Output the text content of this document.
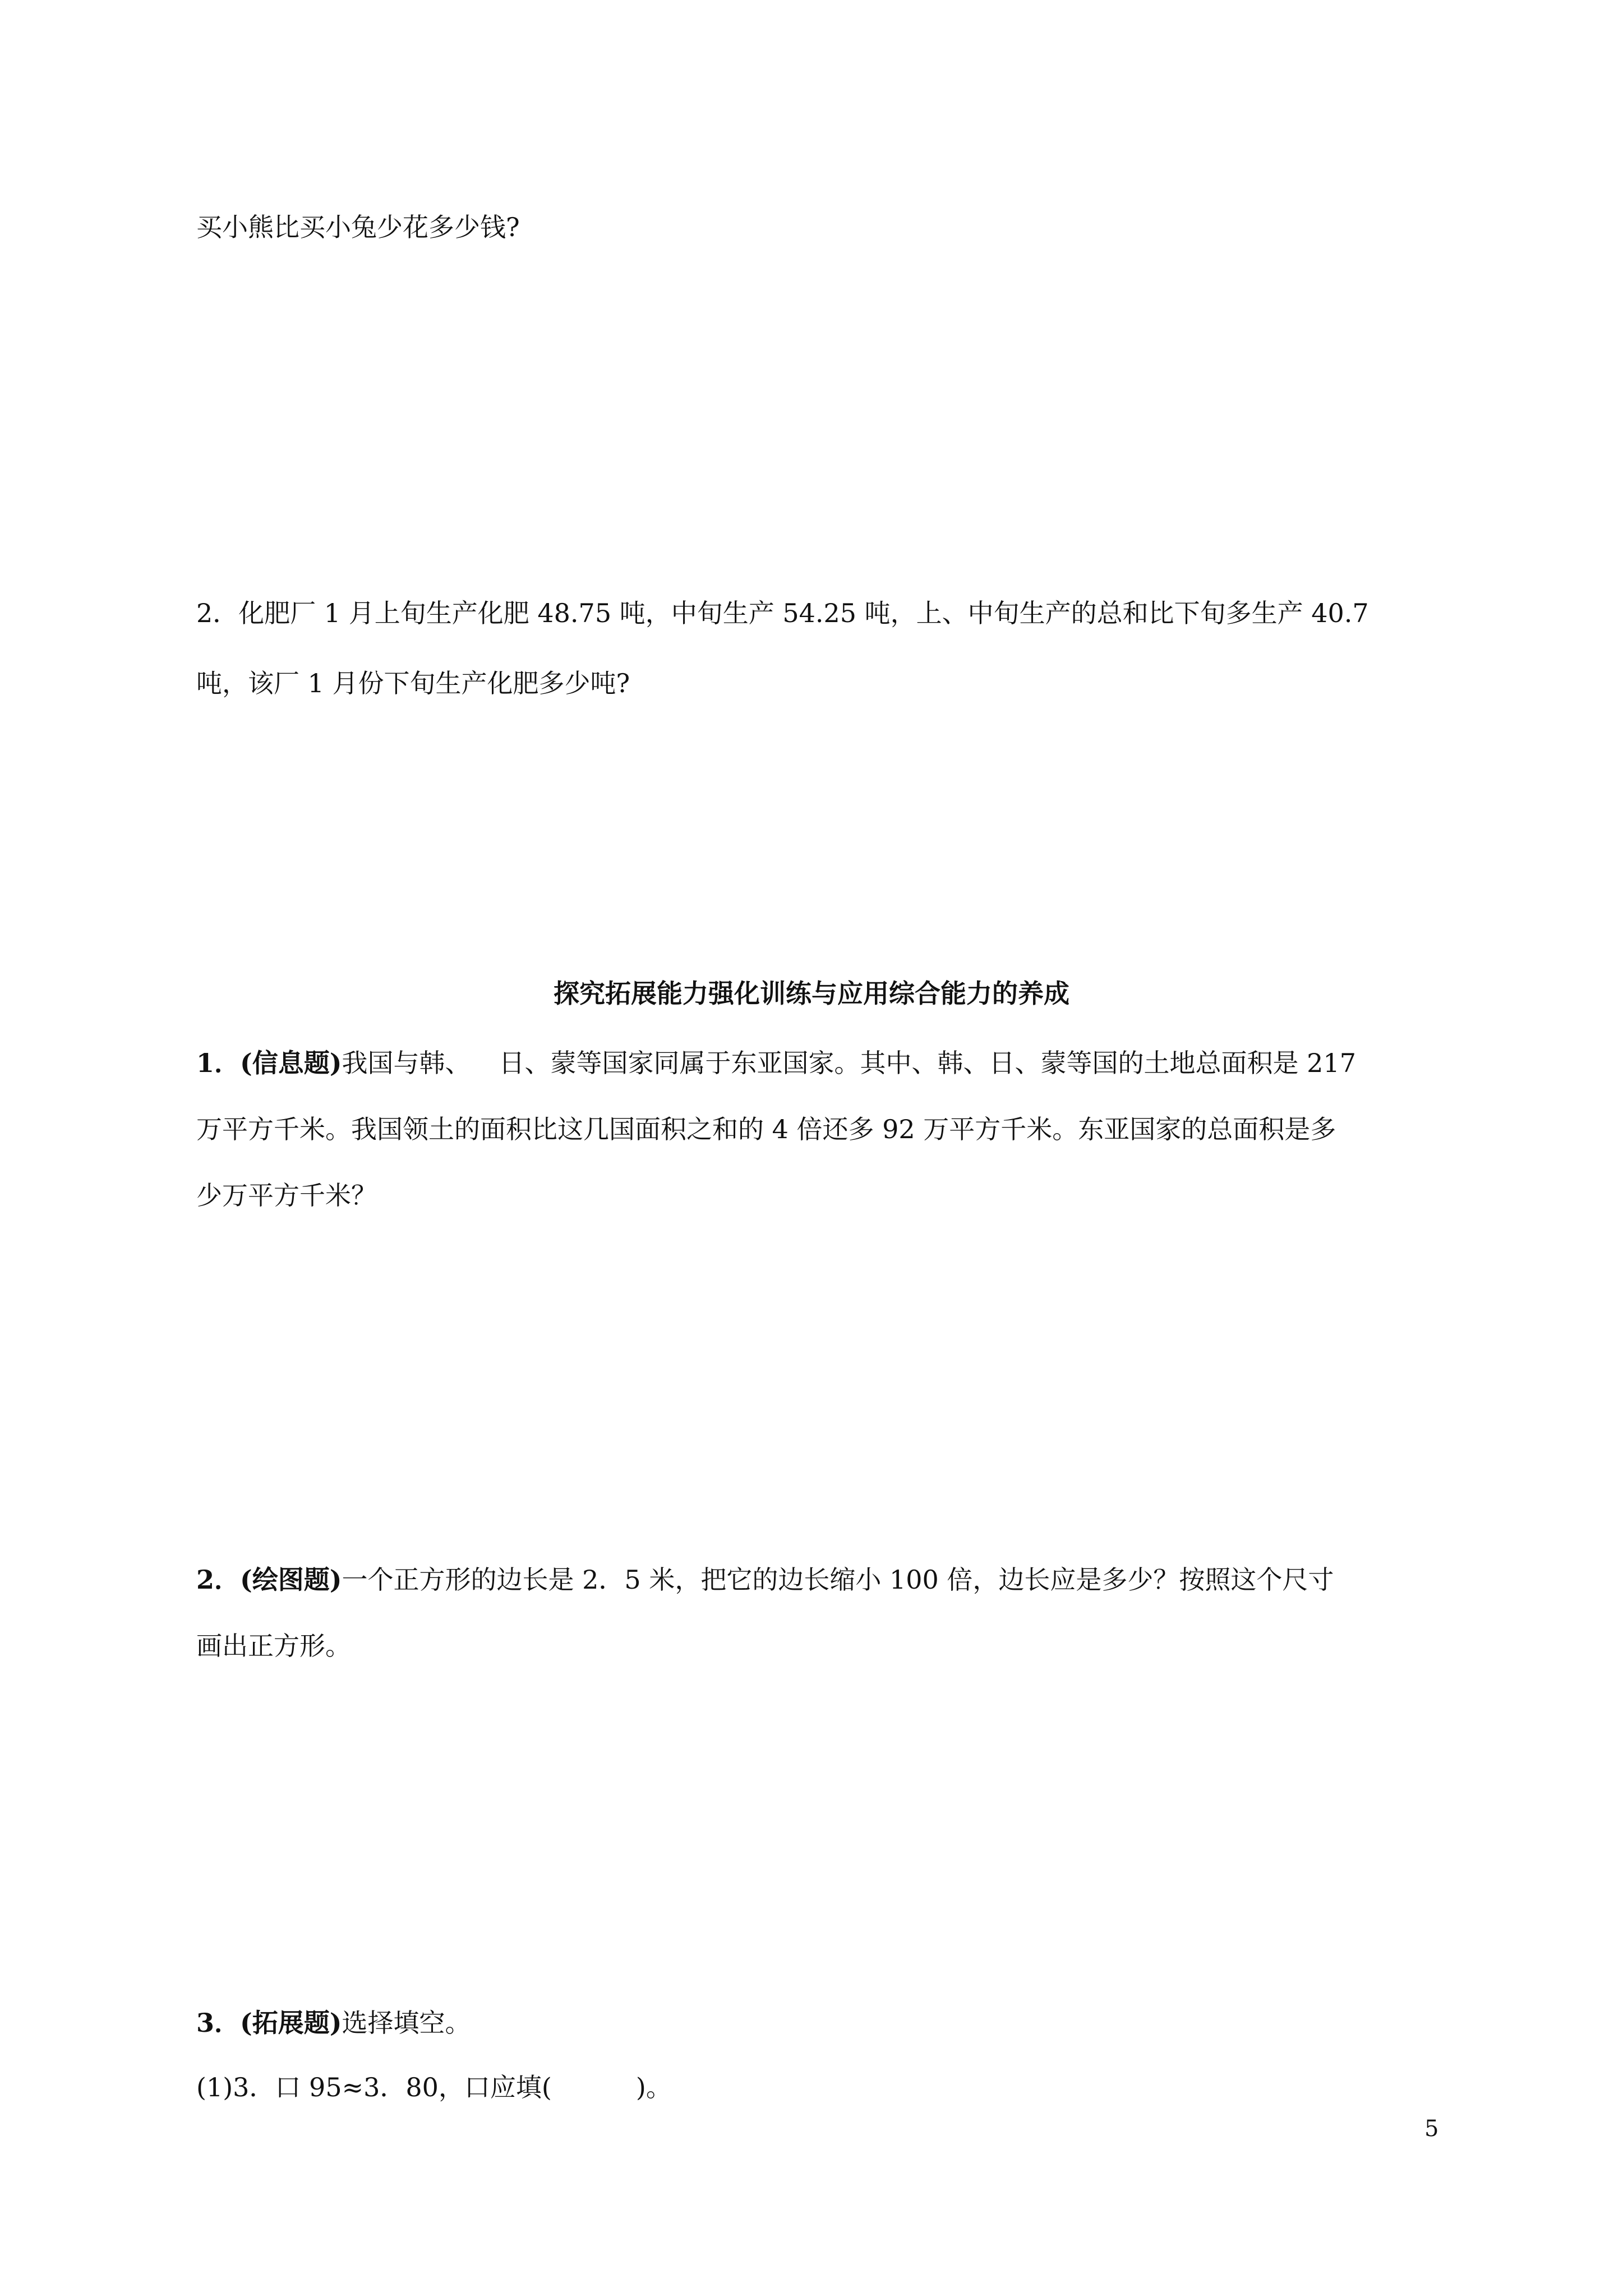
买小熊比买小兔少花多少钱?
2．化肥厂 1 月上旬生产化肥 48.75 吨，中旬生产 54.25 吨，上、中旬生产的总和比下旬多生产 40.7
吨，该厂 1 月份下旬生产化肥多少吨?
探究拓展能力强化训练与应用综合能力的养成
1．(信息题)我国与韩、 日、蒙等国家同属于东亚国家。其中、韩、日、蒙等国的土地总面积是 217
万平方千米。我国领土的面积比这几国面积之和的 4 倍还多 92 万平方千米。东亚国家的总面积是多
少万平方千米？
2．(绘图题)一个正方形的边长是 2．5 米，把它的边长缩小 100 倍，边长应是多少？按照这个尺寸
画出正方形。
3．(拓展题)选择填空。
(1)3．口 95≈3．80，口应填(	)。
5
